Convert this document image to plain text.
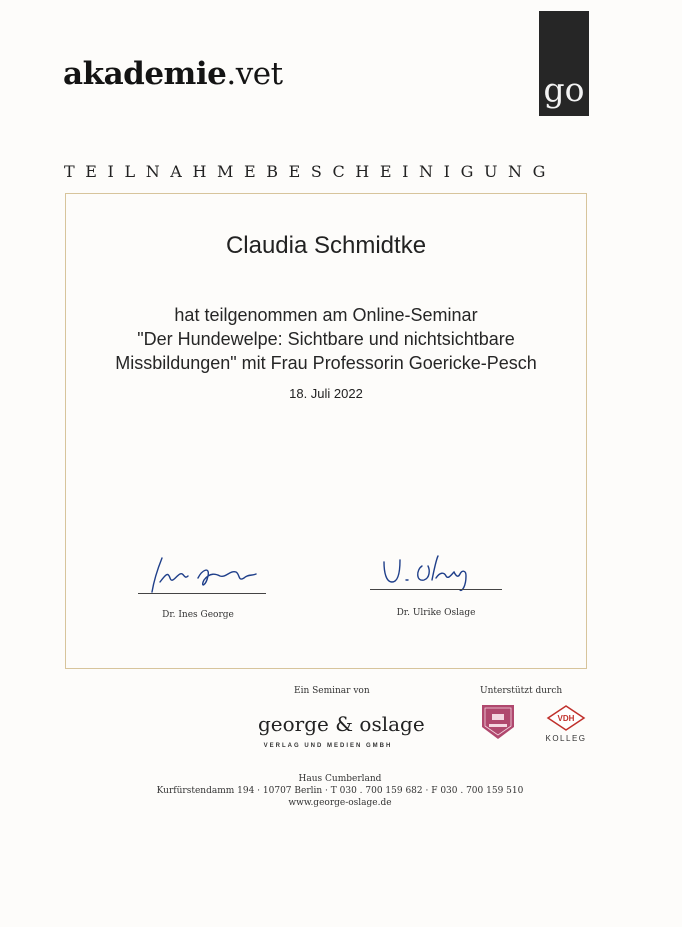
akademie.vet	go
TEILNAHMEBESCHEINIGUNG
Claudia Schmidtke
hat teilgenommen am Online-Seminar
"Der Hundewelpe: Sichtbare und nichtsichtbare
Missbildungen" mit Frau Professorin Goericke-Pesch
18. Juli 2022
Dr. Ines George	Dr. Ulrike Oslage
Ein Seminar von
george & oslage
VERLAG UND MEDIEN GMBH
Unterstützt durch
VDH
KOLLEG
Haus Cumberland
Kurfürstendamm 194 · 10707 Berlin · T 030 . 700 159 682 · F 030 . 700 159 510
www.george-oslage.de
